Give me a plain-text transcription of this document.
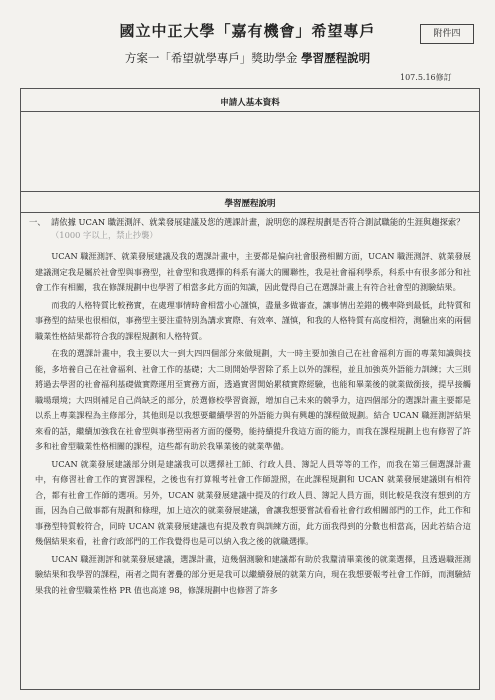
國立中正大學「嘉有機會」希望專戶	附件四
方案一「希望就學專戶」獎助學金 學習歷程說明
107.5.16修訂
申請人基本資料
學習歷程說明
一、 請依據 UCAN 職涯測評、就業發展建議及您的選課計畫，說明您的課程規劃是否符合測試職能的生涯與趨探索？ （1000 字以上，禁止抄襲）

UCAN 職涯測評、就業發展建議及我的選課計畫中，主要都是偏向社會服務相關方面，UCAN 職涯測評、就業發展建議測定我是屬於社會型與事務型，社會型和我選擇的科系有滿大的關聯性，我是社會福利學系，科系中有很多部分和社會工作有相關，我在修課規劃中也學習了相當多此方面的知識，因此覺得自己在選課計畫上有符合社會型的測驗結果。

而我的人格特質比較務實，在處理事情時會相當小心謹慎，盡量多做審查，讓事情出差錯的機率降到最低，此特質和事務型的結果也很相似，事務型主要注重特別為講求實際、有效率、謹慎，和我的人格特質有高度相符，測驗出來的兩個職業性格結果都符合我的課程規劃和人格特質。

在我的選課計畫中，我主要以大一到大四四個部分來做規劃，大一時主要加強自己在社會福利方面的專業知識與技能，多培養自己在社會福利、社會工作的基礎；大二則開始學習除了系上以外的課程，並且加強英外語能力訓練；大三則將過去學習的社會福利基礎做實際運用至實務方面，透過實習開始累積實際經驗，也能和畢業後的就業做銜接，提早接觸職場環境；大四則補足自己尚缺乏的部分，於選修校學習資源，增加自己未來的競爭力，這四個部分的選課計畫主要都是以系上專業課程為主修部分，其他則是以我想要繼續學習的外語能力與有興趣的課程做規劃。結合 UCAN 職涯測評結果來看的話，繼續加強我在社會型與事務型兩者方面的優勢，能持續提升我這方面的能力，而我在課程規劃上也有修習了許多和社會型職業性格相關的課程，這些都有助於我畢業後的就業準備。

UCAN 就業發展建議部分則是建議我可以選擇社工師、行政人員、簿記人員等等的工作，而我在第三個選課計畫中，有修習社會工作的實習課程，之後也有打算報考社會工作師證照，在此課程規劃和 UCAN 就業發展建議則有相符合，都有社會工作師的選項。另外，UCAN 就業發展建議中提及的行政人員、簿記人員方面，則比較是我沒有想到的方面，因為自己做事都有規劃和條理，加上這次的就業發展建議，會讓我想要嘗試看看社會行政相關部門的工作，此工作和事務型特質較符合，同時 UCAN 就業發展建議也有提及教育與訓練方面，此方面我得到的分數也相當高，因此若結合這幾個結果來看，社會行政部門的工作我覺得也是可以納入我之後的就職選擇。

UCAN 職涯測評和就業發展建議，選課計畫，這幾個測驗和建議都有助於我釐清畢業後的就業選擇，且透過職涯測驗結果和我學習的課程，兩者之間有著疊的部分更是我可以繼續發展的就業方向，現在我想要報考社會工作師，而測驗結果我的社會型職業性格 PR 值也高達 98，修課規劃中也修習了許多
